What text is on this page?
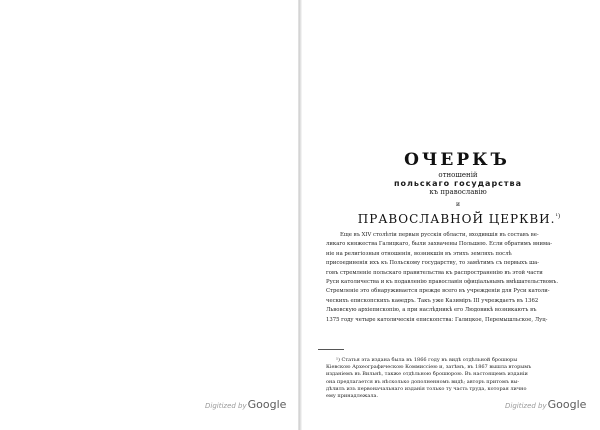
Digitized byGoogle
ОЧЕРКЪ
отношеній
польскаго государства
къ православію
и
ПРАВОСЛАВНОЙ ЦЕРКВИ.$^{^1)}$
Еще въ XIV столѣтіи первыя русскія области, входившія въ составъ ве-
ликаго княжества Галицкаго, были захвачены Польшею. Если обратимъ внима-
ніе на религіозныя отношенія, возникшія въ этихъ земляхъ послѣ
присоединенія ихъ къ Польскому государству, то замѣтимъ съ первыхъ ша-
говъ стремленіе польскаго правительства къ распространенію въ этой части
Руси католичества и къ подавленію православія офиціальнымъ вмѣшательствомъ.
Стремленіе это обнаруживается прежде всего въ учрежденіи для Руси католи-
ческихъ епископскихъ каѳедръ. Такъ уже Казиміръ III учреждаетъ въ 1362
Львовскую архіепископію, а при наслѣдникѣ его Людовикѣ возникаютъ въ
1375 году четыре католическія епископства: Галицкое, Перемышльское, Луц-
¹) Статья эта издана была въ 1866 году въ видѣ отдѣльной брошюры
Кіевскою Археографическою Коммиссіею и, затѣмъ, въ 1867 вышла вторымъ
изданіемъ въ Вильнѣ, также отдѣльною брошюрою. Въ настоящемъ изданіи
она предлагается въ нѣсколько дополненномъ видѣ; авторъ притомъ вы-
дѣлилъ изъ первоначальнаго изданія только ту часть труда, которая лично
ему принадлежала.
Digitized byGoogle
